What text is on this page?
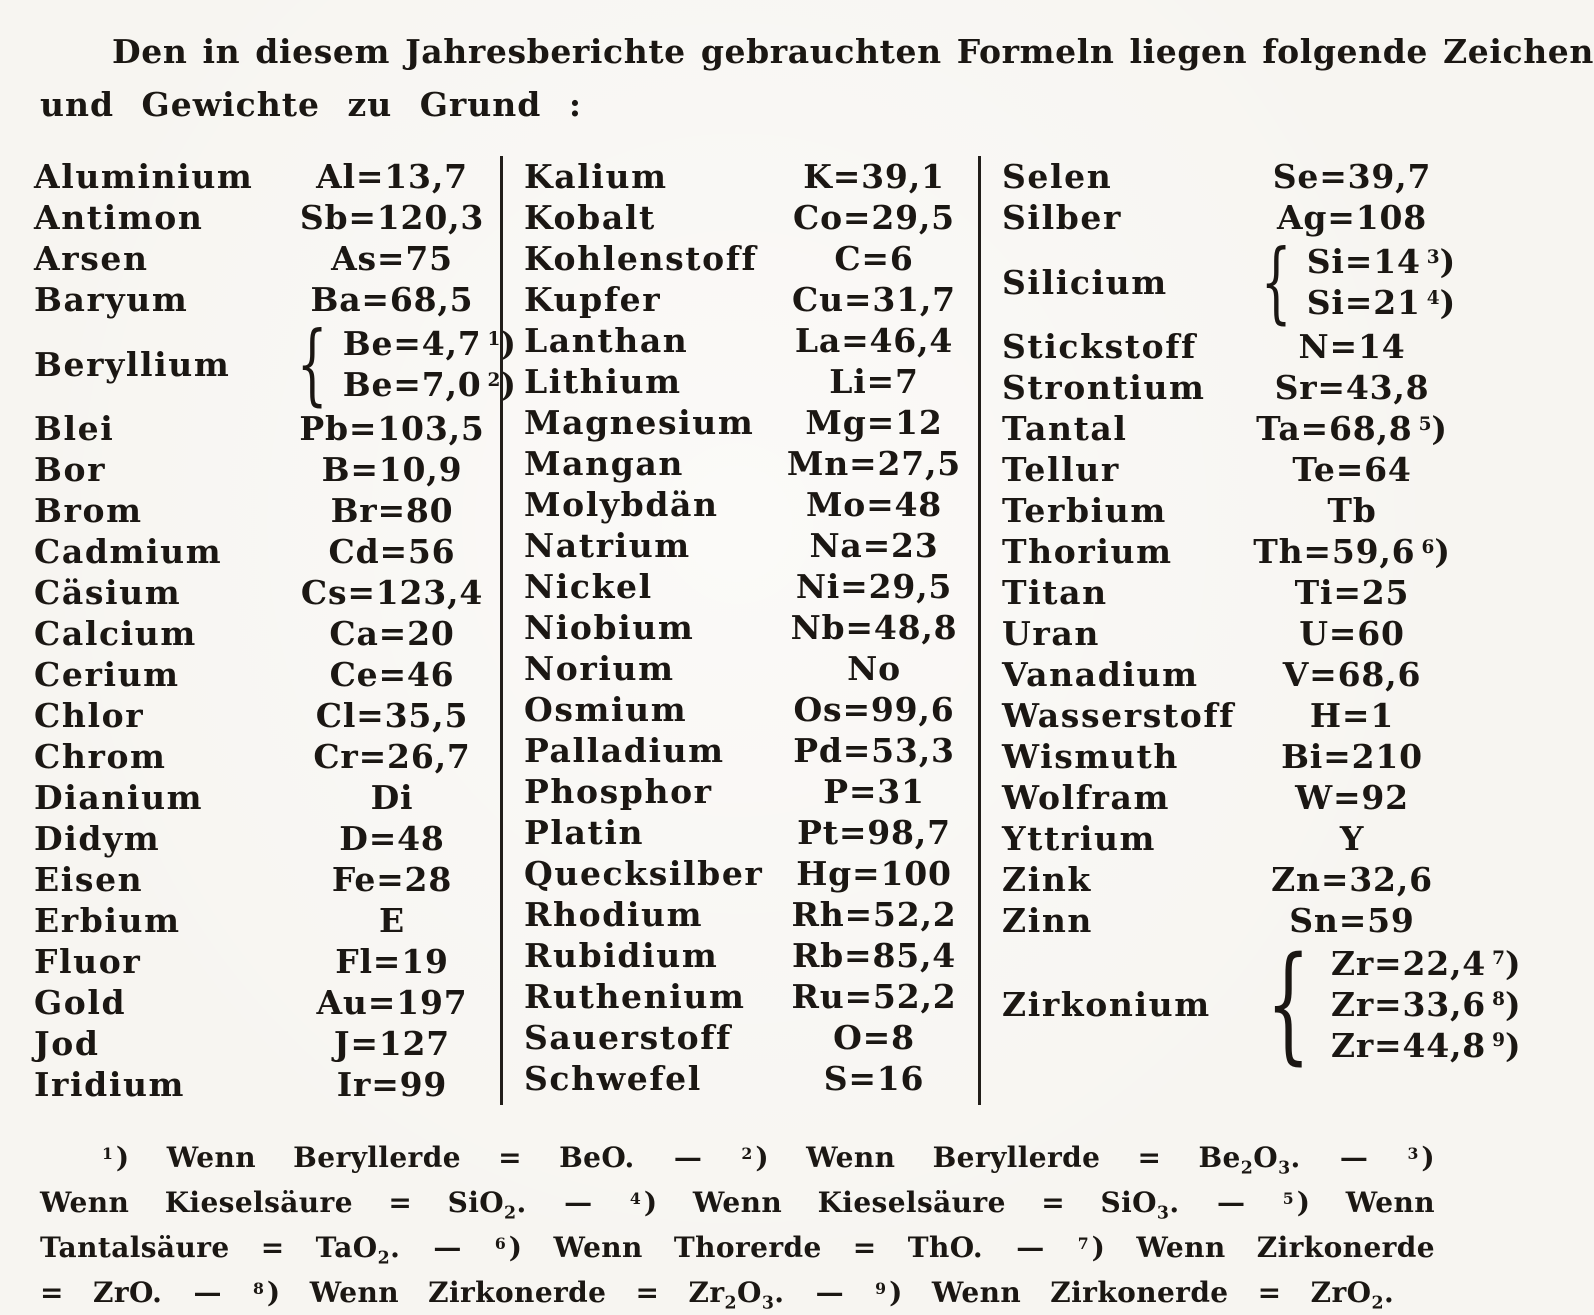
Den in diesem Jahresberichte gebrauchten Formeln liegen folgende Zeichen
und Gewichte zu Grund :
Aluminium	Al=13,7
Antimon	Sb=120,3
Arsen	As=75
Baryum	Ba=68,5
Beryllium { Be=4,7 $^1$)
Be=7,0 $^2$)
Blei	Pb=103,5
Bor	B=10,9
Brom	Br=80
Cadmium	Cd=56
Cäsium	Cs=123,4
Calcium	Ca=20
Cerium	Ce=46
Chlor	Cl=35,5
Chrom	Cr=26,7
Dianium	Di
Didym	D=48
Eisen	Fe=28
Erbium	E
Fluor	Fl=19
Gold	Au=197
Jod	J=127
Iridium	Ir=99
Kalium	K=39,1
Kobalt	Co=29,5
Kohlenstoff	C=6
Kupfer	Cu=31,7
Lanthan	La=46,4
Lithium	Li=7
Magnesium	Mg=12
Mangan	Mn=27,5
Molybdän	Mo=48
Natrium	Na=23
Nickel	Ni=29,5
Niobium	Nb=48,8
Norium	No
Osmium	Os=99,6
Palladium	Pd=53,3
Phosphor	P=31
Platin	Pt=98,7
Quecksilber Hg=100
Rhodium	Rh=52,2
Rubidium	Rb=85,4
Ruthenium	Ru=52,2
Sauerstoff	O=8
Schwefel	S=16
Selen	Se=39,7
Silber	Ag=108
Silicium	{ Si=14 $^3$)
Si=21 $^4$)
Stickstoff	N=14
Strontium	Sr=43,8
Tantal	Ta=68,8 $^5$)
Tellur	Te=64
Terbium	Tb
Thorium	Th=59,6 $^6$)
Titan	Ti=25
Uran	U=60
Vanadium	V=68,6
Wasserstoff	H=1
Wismuth	Bi=210
Wolfram	W=92
Yttrium	Y
Zink	Zn=32,6
Zinn	Sn=59
Zirkonium { Zr=22,4 $^7$)
Zr=33,6 $^8$)
Zr=44,8 $^9$)

$^1$ ) Wenn Beryllerde = BeO. — $^2$ ) Wenn Beryllerde = $Be_2O_3$. — $^3$ ) Wenn Kieselsäure = SiO$_2$. — $^4$ ) Wenn Kieselsäure = SiO$_3$. — $^5$ ) Wenn Tantalsäure = TaO$_2$. — $^6$ ) Wenn Thorerde = ThO. — $^7$ ) Wenn Zirkonerde = ZrO. — $^8$ ) Wenn Zirkonerde = $Zr_2O_3$. — $^9$ ) Wenn Zirkonerde = ZrO$_2$.
